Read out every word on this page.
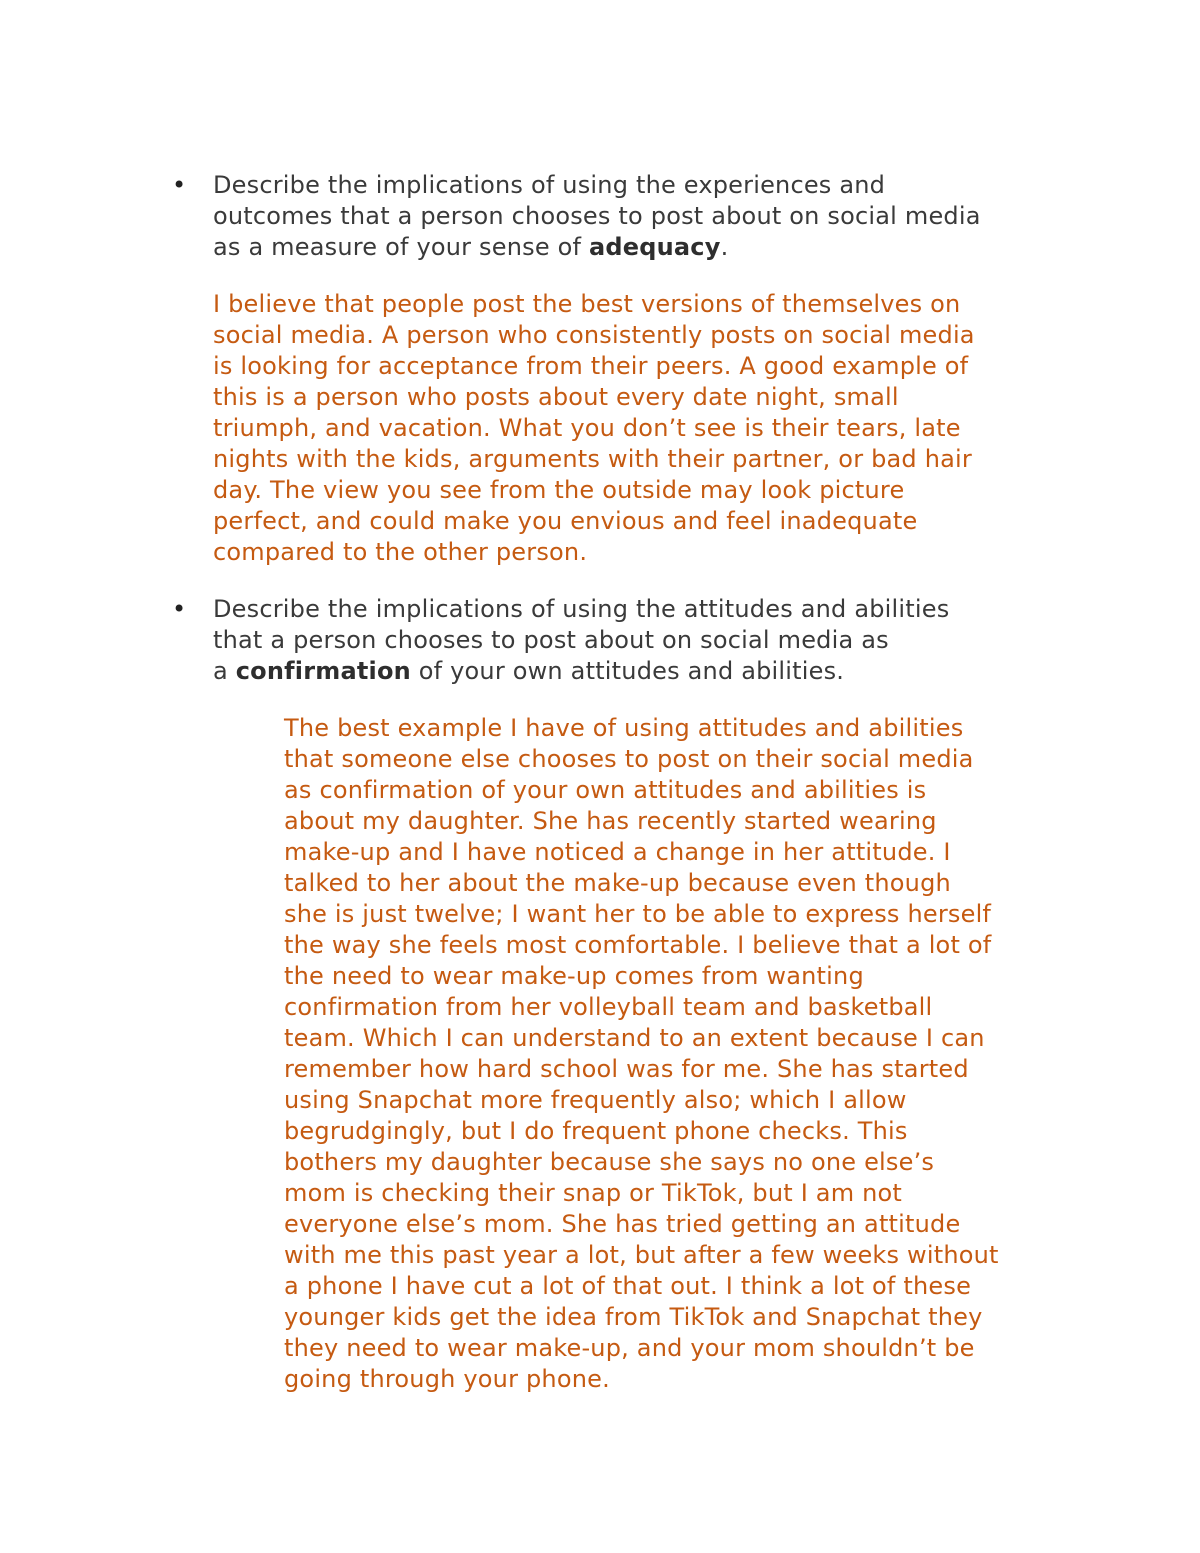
• Describe the implications of using the experiences and
outcomes that a person chooses to post about on social media
as a measure of your sense of adequacy.
I believe that people post the best versions of themselves on
social media. A person who consistently posts on social media
is looking for acceptance from their peers. A good example of
this is a person who posts about every date night, small
triumph, and vacation. What you don’t see is their tears, late
nights with the kids, arguments with their partner, or bad hair
day. The view you see from the outside may look picture
perfect, and could make you envious and feel inadequate
compared to the other person.
• Describe the implications of using the attitudes and abilities
that a person chooses to post about on social media as
a confirmation of your own attitudes and abilities.
The best example I have of using attitudes and abilities
that someone else chooses to post on their social media
as confirmation of your own attitudes and abilities is
about my daughter. She has recently started wearing
make-up and I have noticed a change in her attitude. I
talked to her about the make-up because even though
she is just twelve; I want her to be able to express herself
the way she feels most comfortable. I believe that a lot of
the need to wear make-up comes from wanting
confirmation from her volleyball team and basketball
team. Which I can understand to an extent because I can
remember how hard school was for me. She has started
using Snapchat more frequently also; which I allow
begrudgingly, but I do frequent phone checks. This
bothers my daughter because she says no one else’s
mom is checking their snap or TikTok, but I am not
everyone else’s mom. She has tried getting an attitude
with me this past year a lot, but after a few weeks without
a phone I have cut a lot of that out. I think a lot of these
younger kids get the idea from TikTok and Snapchat they
they need to wear make-up, and your mom shouldn’t be
going through your phone.
